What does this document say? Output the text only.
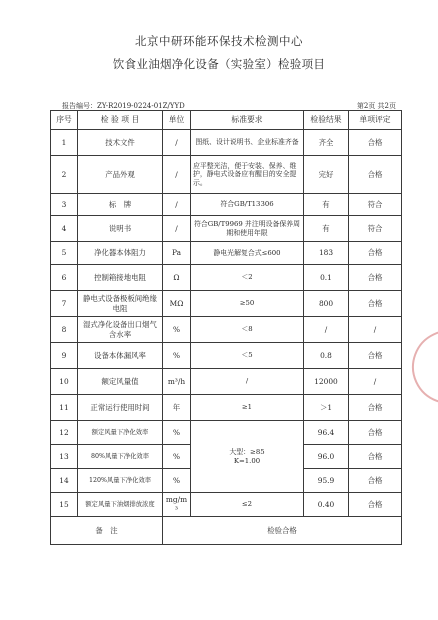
北京中研环能环保技术检测中心
饮食业油烟净化设备（实验室）检验项目
报告编号：ZY-R2019-0224-01Z/YYD	第2页 共2页
序号	检 验 项 目	单位	标准要求	检验结果	单项评定
1	技术文件	/	图纸、设计说明书、企业标准齐备	齐全	合格
2	产品外观	/	应平整光洁，便于安装、保养、维护，静电式设备应有醒目的安全提示。	完好	合格
3	标　牌	/	符合GB/T13306	有	符合
4	说明书	/	符合GB/T9969 并注明设备保养周期和使用年限	有	符合
5	净化器本体阻力	Pa	静电光解复合式≤600	183	合格
6	控制箱接地电阻	Ω	＜2	0.1	合格
7	静电式设备极板间绝缘电阻	MΩ	≥50	800	合格
8	湿式净化设备出口烟气含水率	%	＜8	/	/
9	设备本体漏风率	%	＜5	0.8	合格
10	额定风量值	m³/h	/	12000	/
11	正常运行使用时间	年	≥1	＞1	合格
12	额定风量下净化效率	%	大型：≥85
K=1.00	96.4	合格
13	80%风量下净化效率	%		96.0	合格
14	120%风量下净化效率	%		95.9	合格
15	额定风量下油烟排放浓度	mg/m³	≤2	0.40	合格
备　注		检验合格			
